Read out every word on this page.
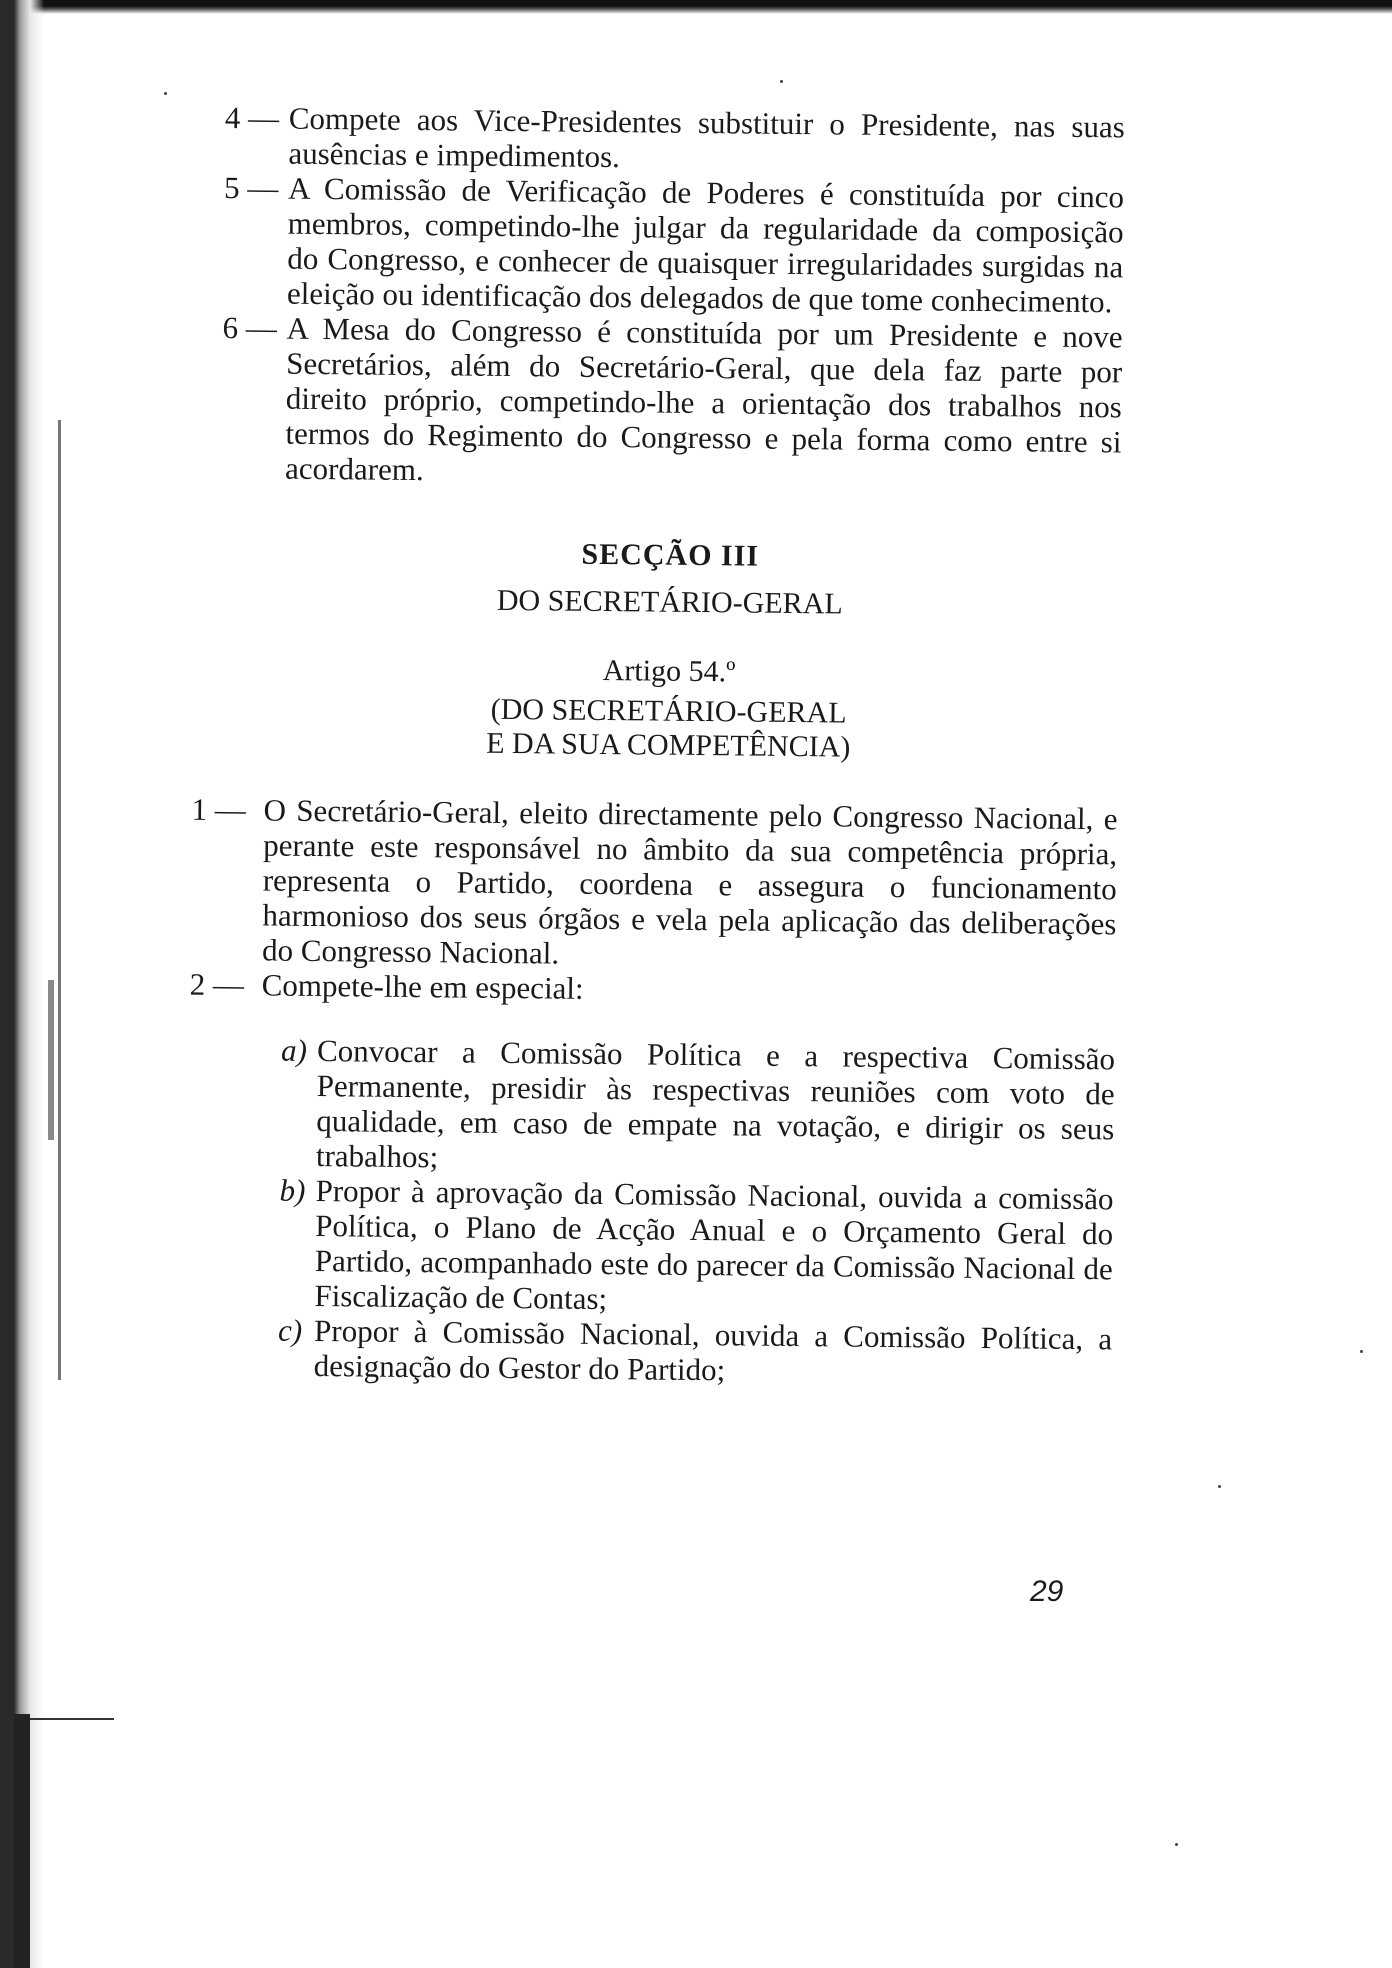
4 — Compete aos Vice-Presidentes substituir o Presidente, nas suas ausências e impedimentos.
5 — A Comissão de Verificação de Poderes é constituída por cinco membros, competindo-lhe julgar da regularidade da composição do Congresso, e conhecer de quaisquer irregularidades surgidas na eleição ou identificação dos delegados de que tome conhecimento.
6 — A Mesa do Congresso é constituída por um Presidente e nove Secretários, além do Secretário-Geral, que dela faz parte por direito próprio, competindo-lhe a orientação dos trabalhos nos termos do Regimento do Congresso e pela forma como entre si acordarem.

SECÇÃO III

DO SECRETÁRIO-GERAL

Artigo 54.º

(DO SECRETÁRIO-GERAL

E DA SUA COMPETÊNCIA)

1 — O Secretário-Geral, eleito directamente pelo Congresso Nacional, e perante este responsável no âmbito da sua competência própria, representa o Partido, coordena e assegura o funcionamento harmonioso dos seus órgãos e vela pela aplicação das deliberações do Congresso Nacional.
2 — Compete-lhe em especial:
a) Convocar a Comissão Política e a respectiva Comissão Permanente, presidir às respectivas reuniões com voto de qualidade, em caso de empate na votação, e dirigir os seus trabalhos;
b) Propor à aprovação da Comissão Nacional, ouvida a comissão Política, o Plano de Acção Anual e o Orçamento Geral do Partido, acompanhado este do parecer da Comissão Nacional de Fiscalização de Contas;
c) Propor à Comissão Nacional, ouvida a Comissão Política, a designação do Gestor do Partido;
29
